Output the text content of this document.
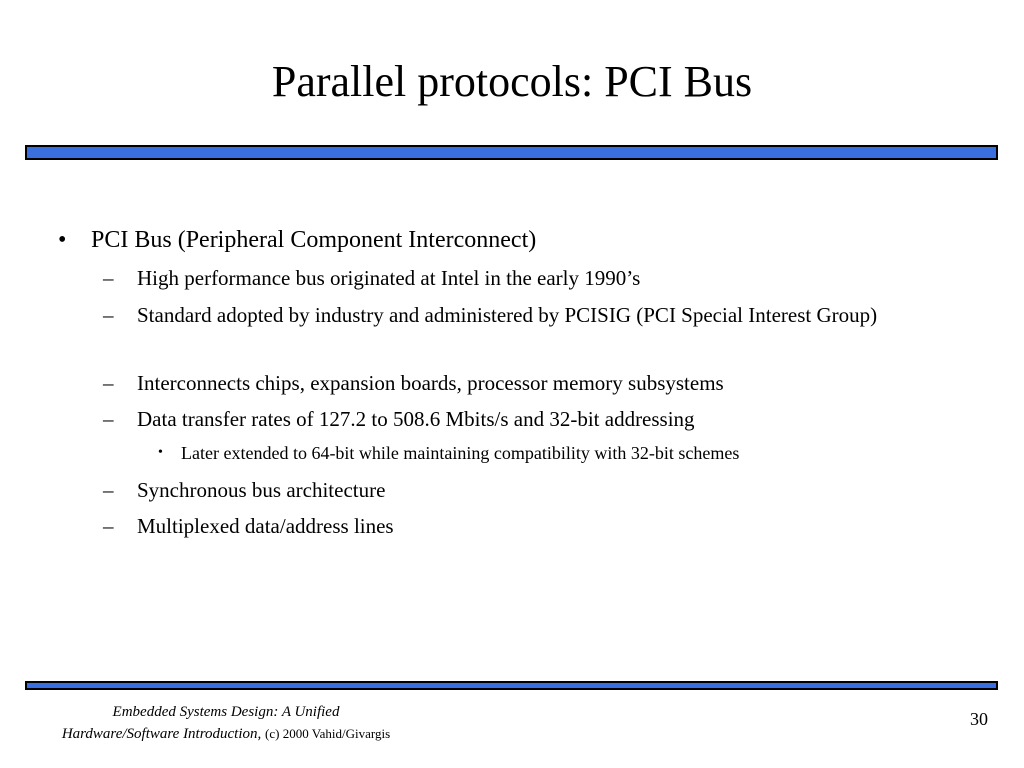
Parallel protocols: PCI Bus
• PCI Bus (Peripheral Component Interconnect)
– High performance bus originated at Intel in the early 1990’s
– Standard adopted by industry and administered by PCISIG (PCI Special Interest Group)
– Interconnects chips, expansion boards, processor memory subsystems
– Data transfer rates of 127.2 to 508.6 Mbits/s and 32-bit addressing
• Later extended to 64-bit while maintaining compatibility with 32-bit schemes
– Synchronous bus architecture
– Multiplexed data/address lines
Embedded Systems Design: A Unified
Hardware/Software Introduction, (c) 2000 Vahid/Givargis
30
